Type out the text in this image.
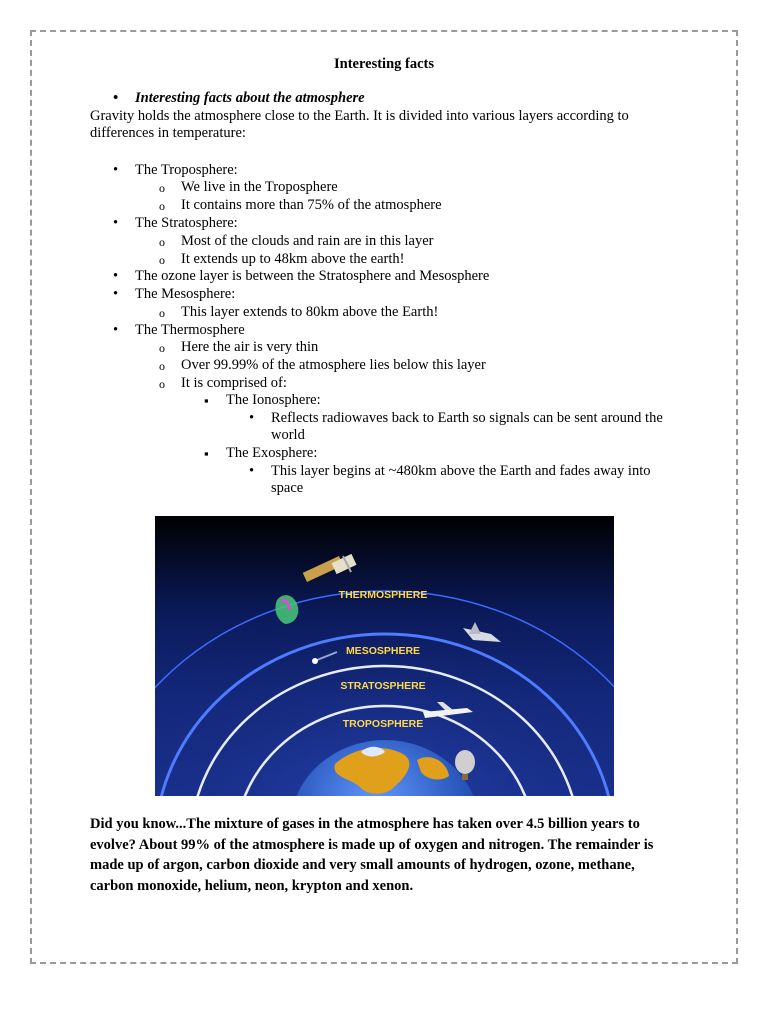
Interesting facts
• Interesting facts about the atmosphere
Gravity holds the atmosphere close to the Earth. It is divided into various layers according to differences in temperature:
• The Troposphere:
o We live in the Troposphere
o It contains more than 75% of the atmosphere
• The Stratosphere:
o Most of the clouds and rain are in this layer
o It extends up to 48km above the earth!
• The ozone layer is between the Stratosphere and Mesosphere
• The Mesosphere:
o This layer extends to 80km above the Earth!
• The Thermosphere
o Here the air is very thin
o Over 99.99% of the atmosphere lies below this layer
o It is comprised of:
▪ The Ionosphere:
• Reflects radiowaves back to Earth so signals can be sent around the world
▪ The Exosphere:
• This layer begins at ~480km above the Earth and fades away into space
THERMOSPHERE
MESOSPHERE
STRATOSPHERE
TROPOSPHERE
Did you know...The mixture of gases in the atmosphere has taken over 4.5 billion years to evolve? About 99% of the atmosphere is made up of oxygen and nitrogen. The remainder is made up of argon, carbon dioxide and very small amounts of hydrogen, ozone, methane, carbon monoxide, helium, neon, krypton and xenon.
